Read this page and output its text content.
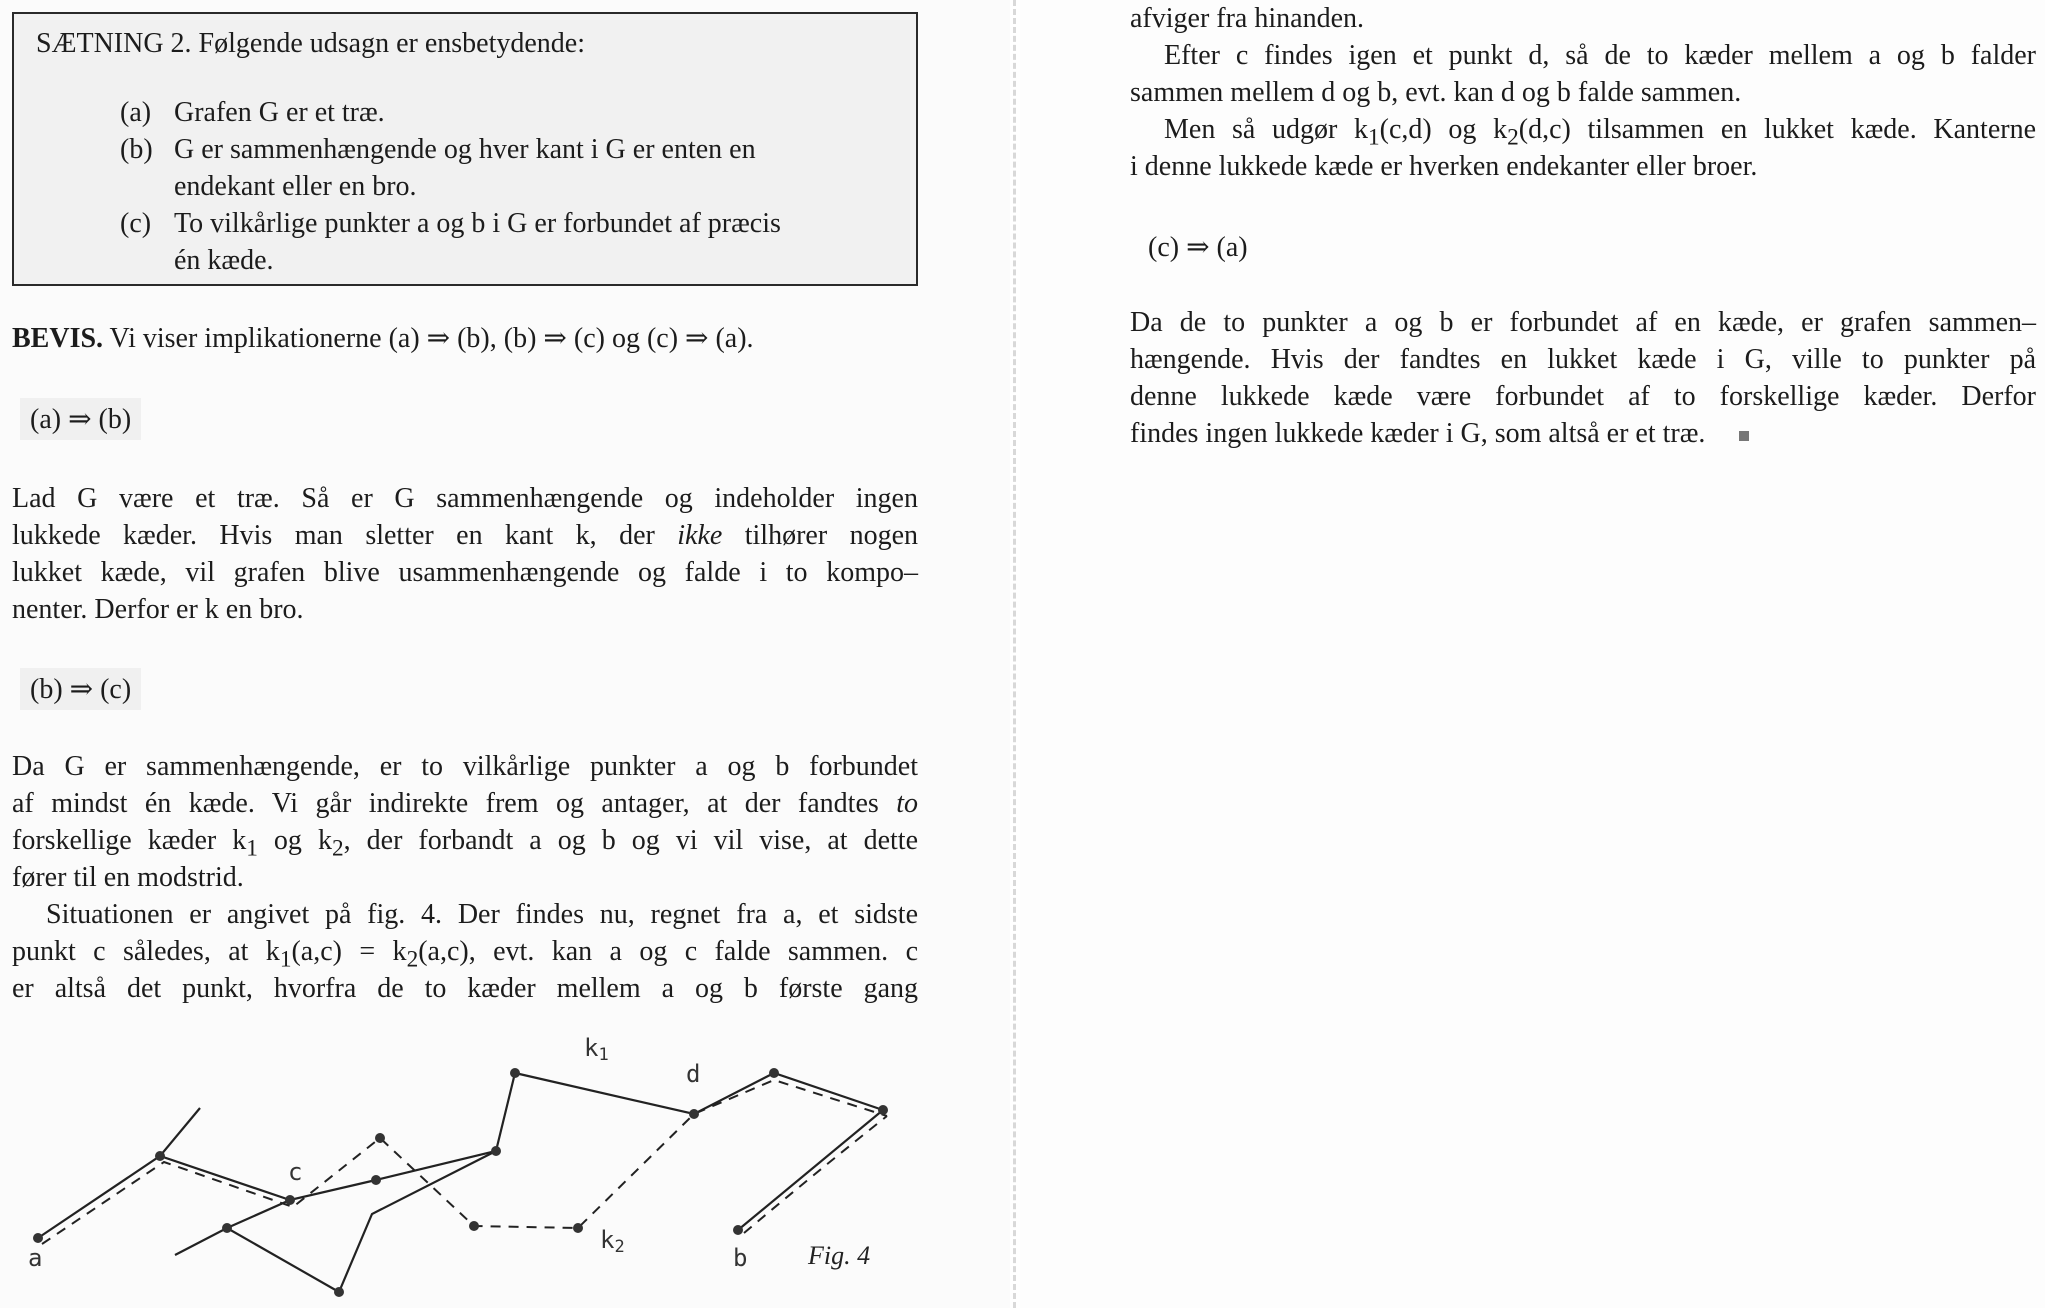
SÆTNING 2. Følgende udsagn er ensbetydende:
(a) Grafen G er et træ.
(b) G er sammenhængende og hver kant i G er enten en
endekant eller en bro.
(c) To vilkårlige punkter a og b i G er forbundet af præcis
én kæde.

BEVIS. Vi viser implikationerne (a) ⇒ (b), (b) ⇒ (c) og (c) ⇒ (a).

(a) ⇒ (b)

Lad G være et træ. Så er G sammenhængende og indeholder ingen

lukkede kæder. Hvis man sletter en kant k, der ikke tilhører nogen

lukket kæde, vil grafen blive usammenhængende og falde i to kompo–

nenter. Derfor er k en bro.

(b) ⇒ (c)

Da G er sammenhængende, er to vilkårlige punkter a og b forbundet

af mindst én kæde. Vi går indirekte frem og antager, at der fandtes to

forskellige kæder $k_1$ og $k_2$, der forbandt a og b og vi vil vise, at dette

fører til en modstrid.

Situationen er angivet på fig. 4. Der findes nu, regnet fra a, et sidste

punkt c således, at $k_1(a,c) = k_2(a,c)$, evt. kan a og c falde sammen. c

er altså det punkt, hvorfra de to kæder mellem a og b første gang

a
c
d
b
k1
k2	Fig. 4

afviger fra hinanden.

Efter c findes igen et punkt d, så de to kæder mellem a og b falder

sammen mellem d og b, evt. kan d og b falde sammen.

Men så udgør $k_1(c,d)$ og $k_2(d,c)$ tilsammen en lukket kæde. Kanterne

i denne lukkede kæde er hverken endekanter eller broer.

(c) ⇒ (a)

Da de to punkter a og b er forbundet af en kæde, er grafen sammen–

hængende. Hvis der fandtes en lukket kæde i G, ville to punkter på

denne lukkede kæde være forbundet af to forskellige kæder. Derfor

findes ingen lukkede kæder i G, som altså er et træ.
